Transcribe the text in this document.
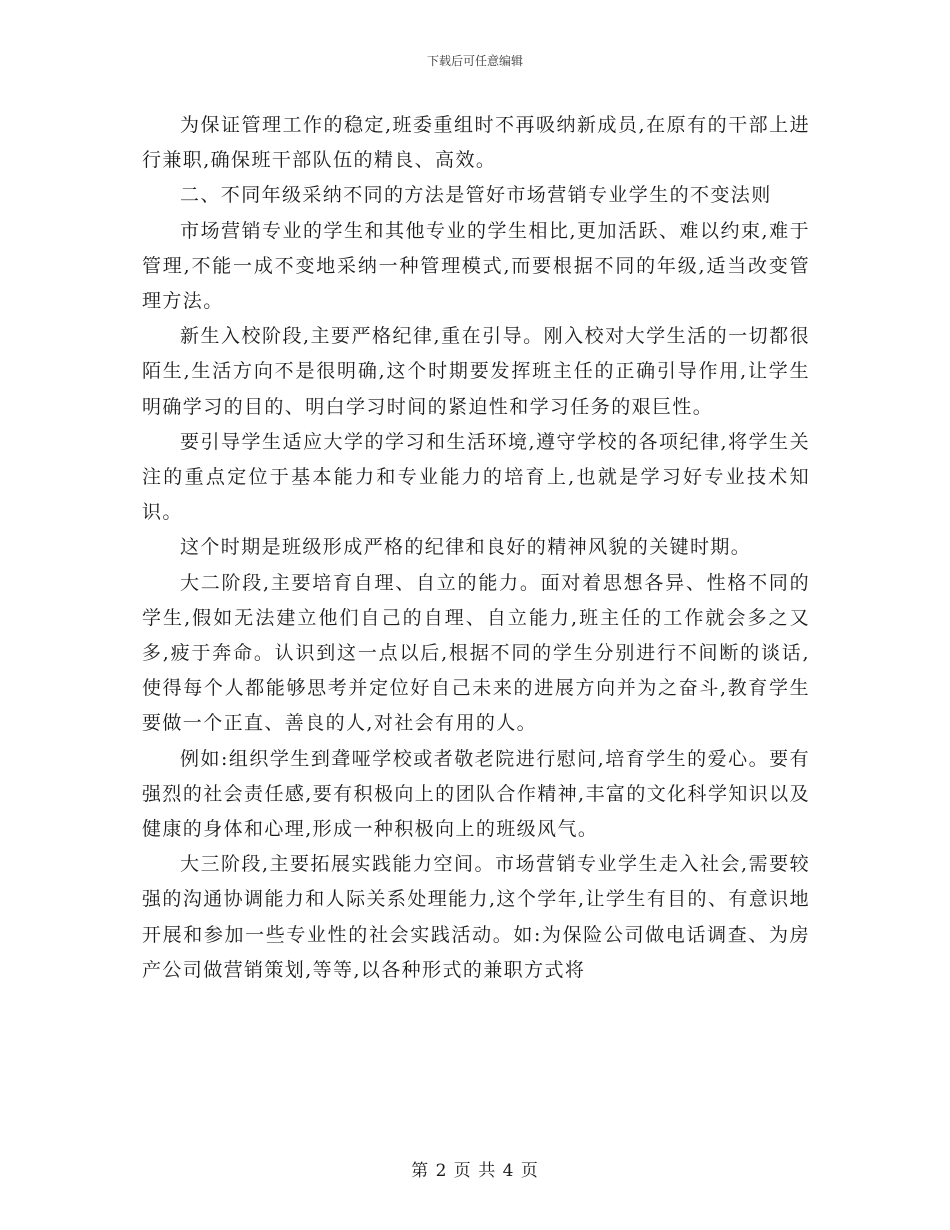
下载后可任意编辑

为保证管理工作的稳定,班委重组时不再吸纳新成员,在原有的干部上进行兼职,确保班干部队伍的精良、高效。

二、不同年级采纳不同的方法是管好市场营销专业学生的不变法则

市场营销专业的学生和其他专业的学生相比,更加活跃、难以约束,难于管理,不能一成不变地采纳一种管理模式,而要根据不同的年级,适当改变管理方法。

新生入校阶段,主要严格纪律,重在引导。刚入校对大学生活的一切都很陌生,生活方向不是很明确,这个时期要发挥班主任的正确引导作用,让学生明确学习的目的、明白学习时间的紧迫性和学习任务的艰巨性。

要引导学生适应大学的学习和生活环境,遵守学校的各项纪律,将学生关注的重点定位于基本能力和专业能力的培育上,也就是学习好专业技术知识。

这个时期是班级形成严格的纪律和良好的精神风貌的关键时期。

大二阶段,主要培育自理、自立的能力。面对着思想各异、性格不同的学生,假如无法建立他们自己的自理、自立能力,班主任的工作就会多之又多,疲于奔命。认识到这一点以后,根据不同的学生分别进行不间断的谈话,使得每个人都能够思考并定位好自己未来的进展方向并为之奋斗,教育学生要做一个正直、善良的人,对社会有用的人。

例如:组织学生到聋哑学校或者敬老院进行慰问,培育学生的爱心。要有强烈的社会责任感,要有积极向上的团队合作精神,丰富的文化科学知识以及健康的身体和心理,形成一种积极向上的班级风气。

大三阶段,主要拓展实践能力空间。市场营销专业学生走入社会,需要较强的沟通协调能力和人际关系处理能力,这个学年,让学生有目的、有意识地开展和参加一些专业性的社会实践活动。如:为保险公司做电话调查、为房产公司做营销策划,等等,以各种形式的兼职方式将

第 2 页 共 4 页
